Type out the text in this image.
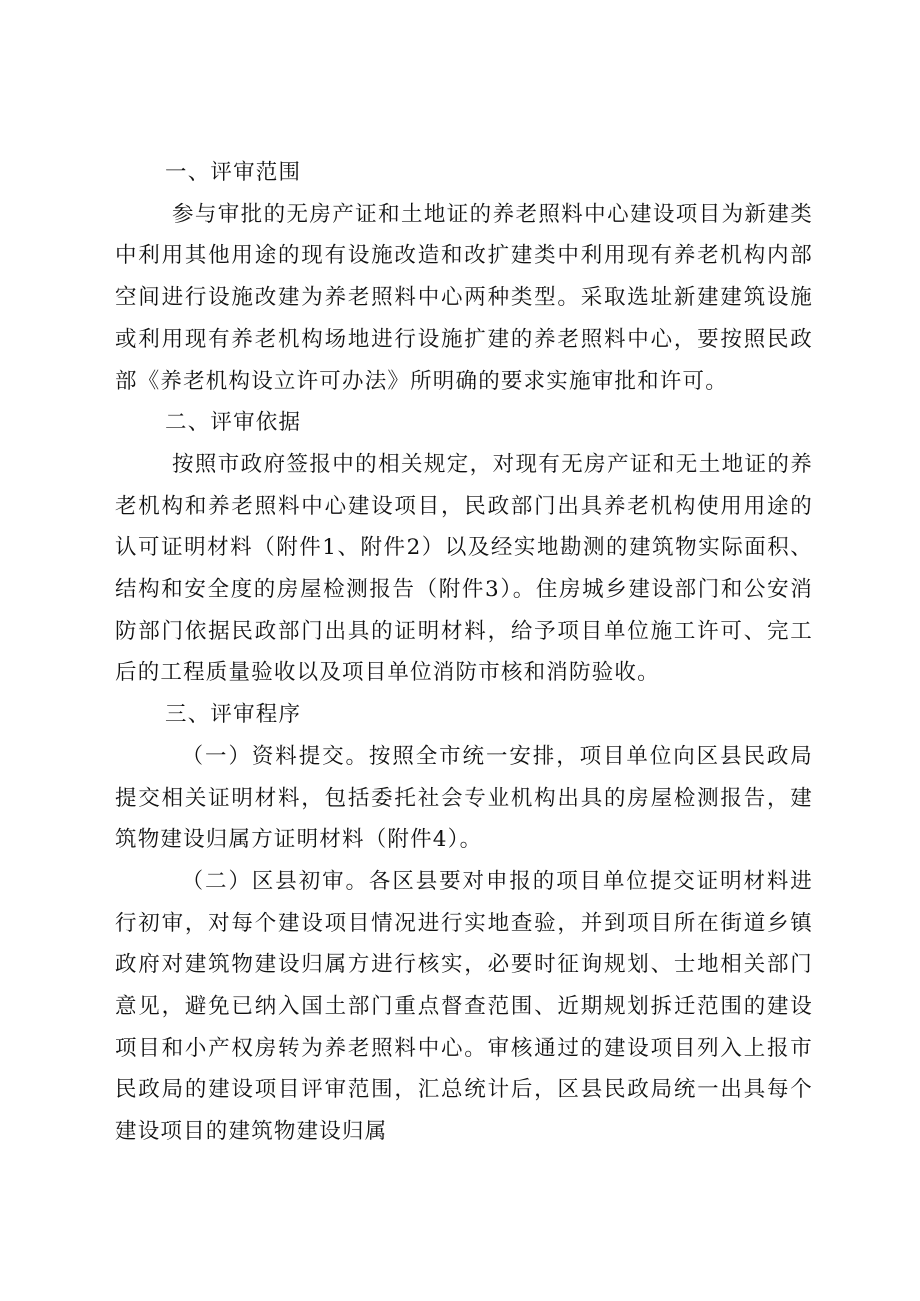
一、评审范围

参与审批的无房产证和土地证的养老照料中心建设项目为新建类中利用其他用途的现有设施改造和改扩建类中利用现有养老机构内部空间进行设施改建为养老照料中心两种类型。采取选址新建建筑设施或利用现有养老机构场地进行设施扩建的养老照料中心，要按照民政部《养老机构设立许可办法》所明确的要求实施审批和许可。

二、评审依据

按照市政府签报中的相关规定，对现有无房产证和无土地证的养老机构和养老照料中心建设项目，民政部门出具养老机构使用用途的认可证明材料（附件1、附件2）以及经实地勘测的建筑物实际面积、结构和安全度的房屋检测报告（附件3）。住房城乡建设部门和公安消防部门依据民政部门出具的证明材料，给予项目单位施工许可、完工后的工程质量验收以及项目单位消防市核和消防验收。

三、评审程序

（一）资料提交。按照全市统一安排，项目单位向区县民政局提交相关证明材料，包括委托社会专业机构出具的房屋检测报告，建筑物建设归属方证明材料（附件4）。

（二）区县初审。各区县要对申报的项目单位提交证明材料进行初审，对每个建设项目情况进行实地查验，并到项目所在街道乡镇政府对建筑物建设归属方进行核实，必要时征询规划、士地相关部门意见，避免已纳入国土部门重点督查范围、近期规划拆迁范围的建设项目和小产权房转为养老照料中心。审核通过的建设项目列入上报市民政局的建设项目评审范围，汇总统计后，区县民政局统一出具每个建设项目的建筑物建设归属
